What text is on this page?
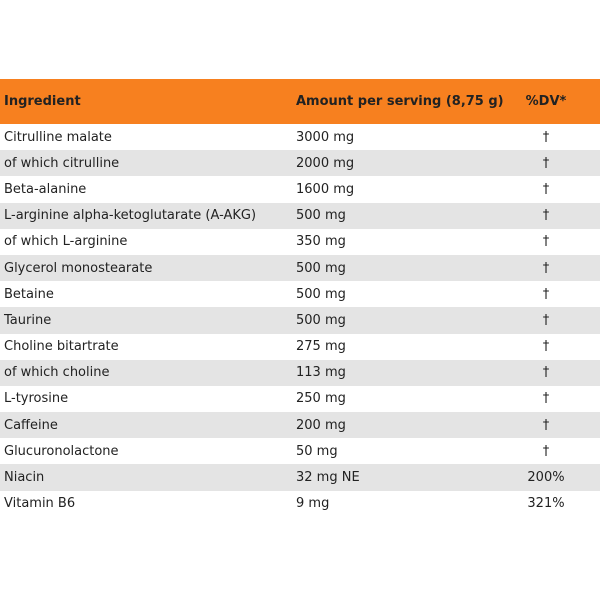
Ingredient	Amount per serving (8,75 g)	%DV*
Citrulline malate	3000 mg	†
of which citrulline	2000 mg	†
Beta-alanine	1600 mg	†
L-arginine alpha-ketoglutarate (A-AKG)	500 mg	†
of which L-arginine	350 mg	†
Glycerol monostearate	500 mg	†
Betaine	500 mg	†
Taurine	500 mg	†
Choline bitartrate	275 mg	†
of which choline	113 mg	†
L-tyrosine	250 mg	†
Caffeine	200 mg	†
Glucuronolactone	50 mg	†
Niacin	32 mg NE	200%
Vitamin B6	9 mg	321%
